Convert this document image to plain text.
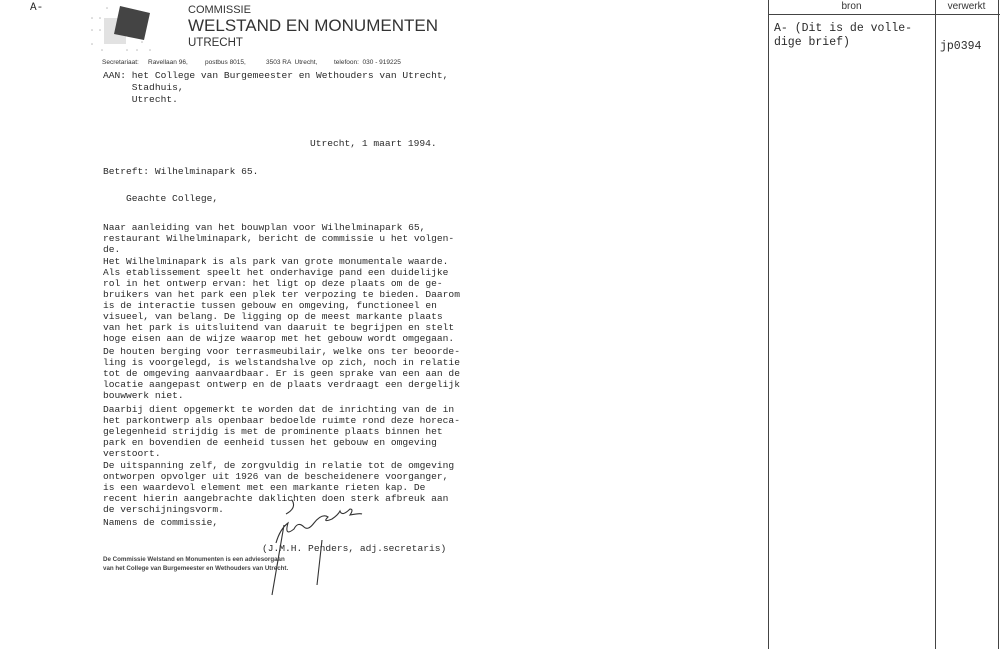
A-	COMMISSIE
WELSTAND EN MONUMENTEN
UTRECHT
Secretariaat: Ravellaan 96,	postbus 8015,	3503 RA  Utrecht,	telefoon:  030 - 919225
AAN: het College van Burgemeester en Wethouders van Utrecht,
Stadhuis,
Utrecht.
Utrecht, 1 maart 1994.
Betreft: Wilhelminapark 65.
Geachte College,
Naar aanleiding van het bouwplan voor Wilhelminapark 65,
restaurant Wilhelminapark, bericht de commissie u het volgen-
de.
Het Wilhelminapark is als park van grote monumentale waarde.
Als etablissement speelt het onderhavige pand een duidelijke
rol in het ontwerp ervan: het ligt op deze plaats om de ge-
bruikers van het park een plek ter verpozing te bieden. Daarom
is de interactie tussen gebouw en omgeving, functioneel en
visueel, van belang. De ligging op de meest markante plaats
van het park is uitsluitend van daaruit te begrijpen en stelt
hoge eisen aan de wijze waarop met het gebouw wordt omgegaan.
De houten berging voor terrasmeubilair, welke ons ter beoorde-
ling is voorgelegd, is welstandshalve op zich, noch in relatie
tot de omgeving aanvaardbaar. Er is geen sprake van een aan de
locatie aangepast ontwerp en de plaats verdraagt een dergelijk
bouwwerk niet.
Daarbij dient opgemerkt te worden dat de inrichting van de in
het parkontwerp als openbaar bedoelde ruimte rond deze horeca-
gelegenheid strijdig is met de prominente plaats binnen het
park en bovendien de eenheid tussen het gebouw en omgeving
verstoort.
De uitspanning zelf, de zorgvuldig in relatie tot de omgeving
ontworpen opvolger uit 1926 van de bescheidenere voorganger,
is een waardevol element met een markante rieten kap. De
recent hierin aangebrachte daklichten doen sterk afbreuk aan
de verschijningsvorm.
Namens de commissie,
(J.M.H. Penders, adj.secretaris)
De Commissie Welstand en Monumenten is een adviesorgaan
van het College van Burgemeester en Wethouders van Utrecht.
bron	verwerkt
A- (Dit is de volle-
dige brief)	jp0394
